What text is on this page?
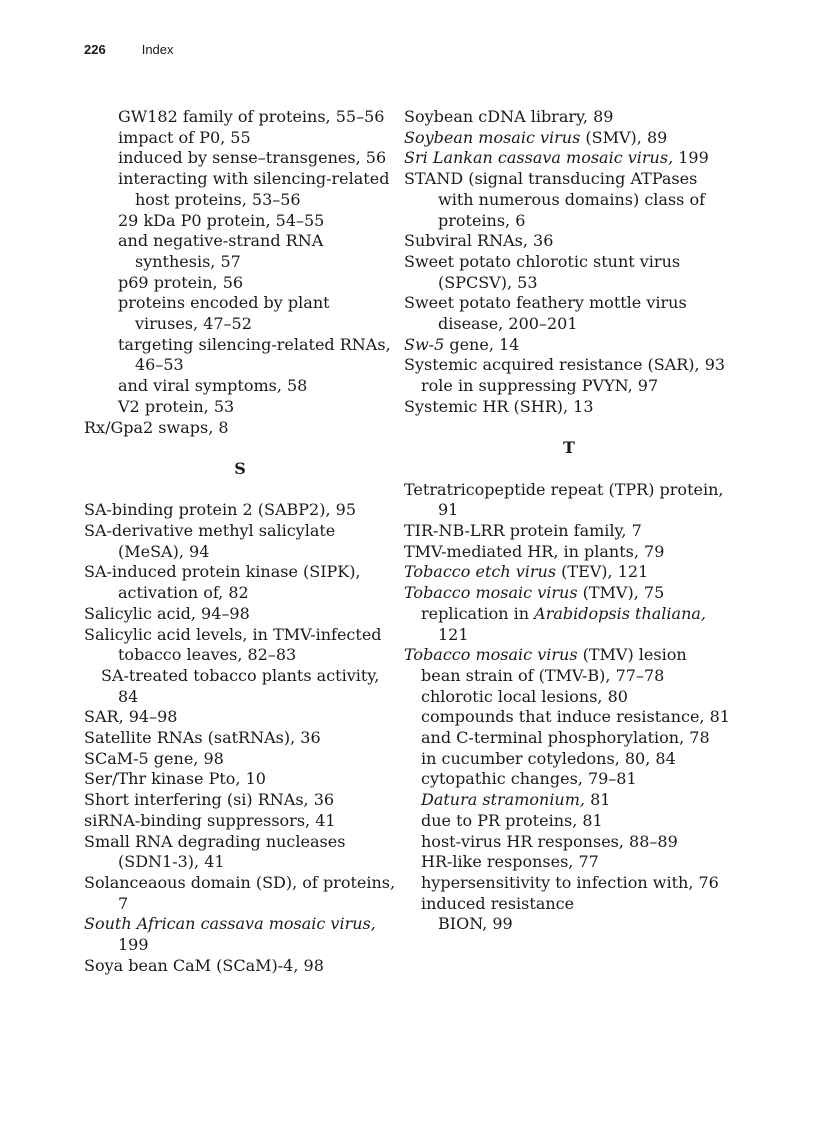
226	Index

GW182 family of proteins, 55–56

impact of P0, 55

induced by sense–transgenes, 56

interacting with silencing-related host proteins, 53–56

29 kDa P0 protein, 54–55

and negative-strand RNA synthesis, 57

p69 protein, 56

proteins encoded by plant viruses, 47–52

targeting silencing-related RNAs, 46–53

and viral symptoms, 58

V2 protein, 53

Rx/Gpa2 swaps, 8

S

SA-binding protein 2 (SABP2), 95

SA-derivative methyl salicylate (MeSA), 94

SA-induced protein kinase (SIPK), activation of, 82

Salicylic acid, 94–98

Salicylic acid levels, in TMV-infected tobacco leaves, 82–83

SA-treated tobacco plants activity, 84

SAR, 94–98

Satellite RNAs (satRNAs), 36

SCaM-5 gene, 98

Ser/Thr kinase Pto, 10

Short interfering (si) RNAs, 36

siRNA-binding suppressors, 41

Small RNA degrading nucleases (SDN1-3), 41

Solanceaous domain (SD), of proteins, 7

South African cassava mosaic virus, 199

Soya bean CaM (SCaM)-4, 98

Soybean cDNA library, 89

Soybean mosaic virus (SMV), 89

Sri Lankan cassava mosaic virus, 199

STAND (signal transducing ATPases with numerous domains) class of proteins, 6

Subviral RNAs, 36

Sweet potato chlorotic stunt virus (SPCSV), 53

Sweet potato feathery mottle virus disease, 200–201

Sw-5 gene, 14

Systemic acquired resistance (SAR), 93

role in suppressing PVYN, 97

Systemic HR (SHR), 13

T

Tetratricopeptide repeat (TPR) protein, 91

TIR-NB-LRR protein family, 7

TMV-mediated HR, in plants, 79

Tobacco etch virus (TEV), 121

Tobacco mosaic virus (TMV), 75

replication in Arabidopsis thaliana, 121

Tobacco mosaic virus (TMV) lesion

bean strain of (TMV-B), 77–78

chlorotic local lesions, 80

compounds that induce resistance, 81

and C-terminal phosphorylation, 78

in cucumber cotyledons, 80, 84

cytopathic changes, 79–81

Datura stramonium, 81

due to PR proteins, 81

host-virus HR responses, 88–89

HR-like responses, 77

hypersensitivity to infection with, 76

induced resistance

BION, 99
